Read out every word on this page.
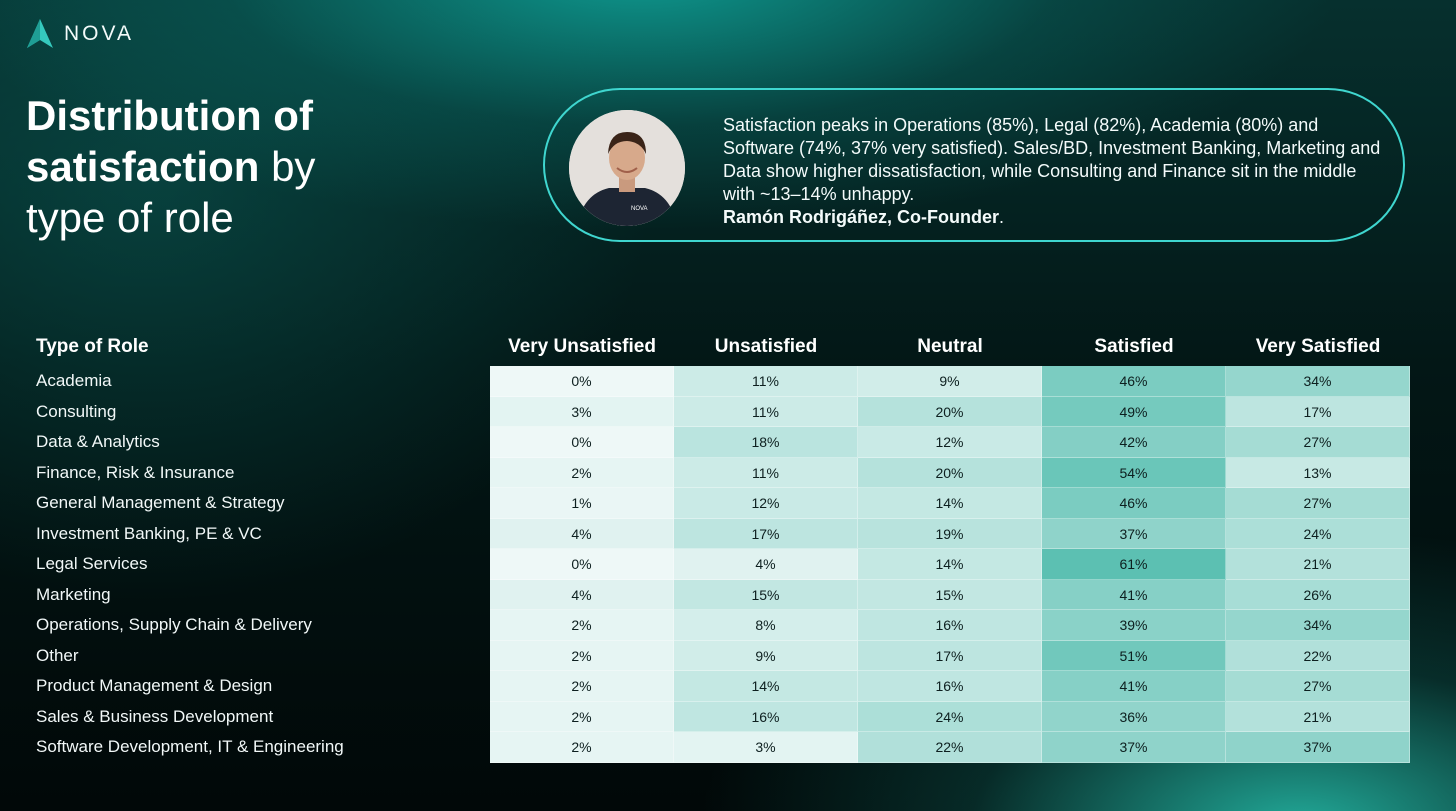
NOVA
Distribution of satisfaction by
type of role	NOVA
Satisfaction peaks in Operations (85%), Legal (82%), Academia (80%) and Software (74%, 37% very satisfied). Sales/BD, Investment Banking, Marketing and Data show higher dissatisfaction, while Consulting and Finance sit in the middle with ~13–14% unhappy.
Ramón Rodrigáñez, Co-Founder.
Type of Role	Very Unsatisfied	Unsatisfied	Neutral	Satisfied	Very Satisfied
Academia	0%	11%	9%	46%	34%
Consulting	3%	11%	20%	49%	17%
Data & Analytics	0%	18%	12%	42%	27%
Finance, Risk & Insurance	2%	11%	20%	54%	13%
General Management & Strategy	1%	12%	14%	46%	27%
Investment Banking, PE & VC	4%	17%	19%	37%	24%
Legal Services	0%	4%	14%	61%	21%
Marketing	4%	15%	15%	41%	26%
Operations, Supply Chain & Delivery	2%	8%	16%	39%	34%
Other	2%	9%	17%	51%	22%
Product Management & Design	2%	14%	16%	41%	27%
Sales & Business Development	2%	16%	24%	36%	21%
Software Development, IT & Engineering	2%	3%	22%	37%	37%
